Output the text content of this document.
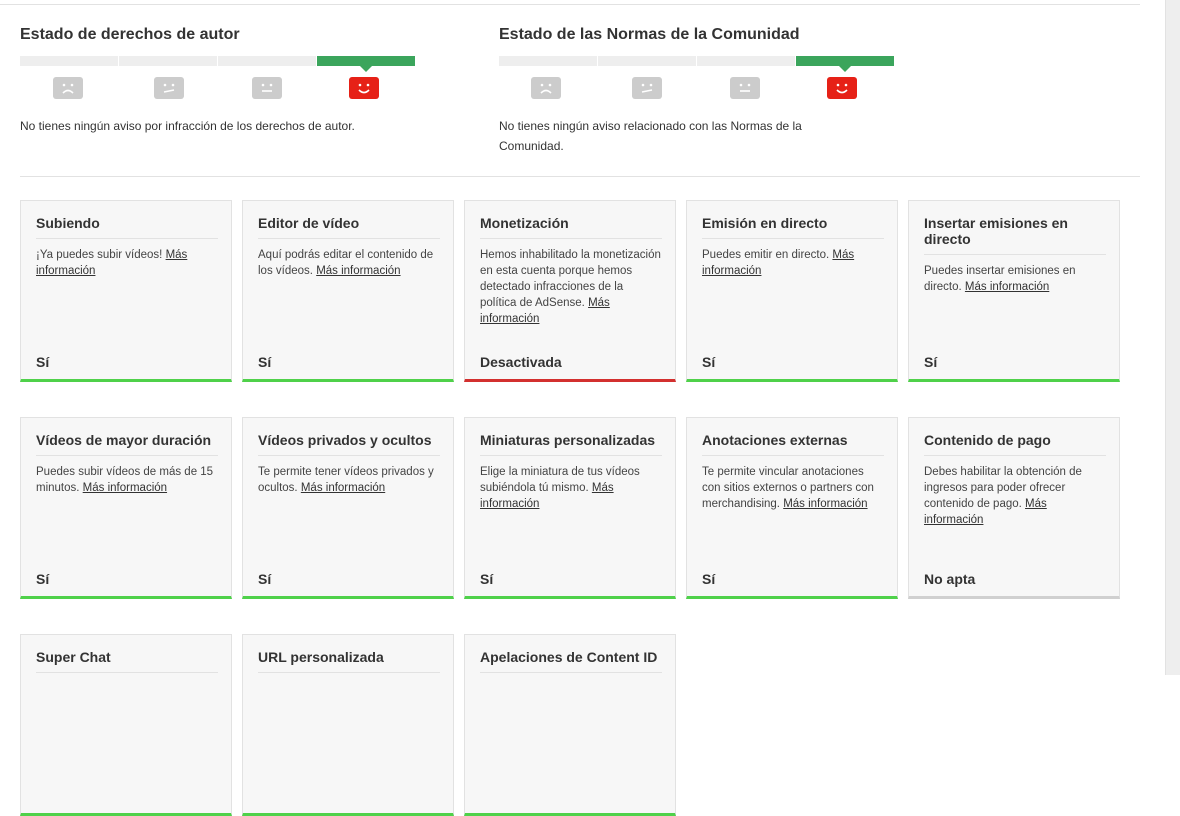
Estado de derechos de autor
No tienes ningún aviso por infracción de los derechos de autor.
Estado de las Normas de la Comunidad
No tienes ningún aviso relacionado con las Normas de la Comunidad.
Subiendo
¡Ya puedes subir vídeos! Más información
Sí
Editor de vídeo
Aquí podrás editar el contenido de los vídeos. Más información
Sí
Monetización
Hemos inhabilitado la monetización en esta cuenta porque hemos detectado infracciones de la política de AdSense. Más información
Desactivada
Emisión en directo
Puedes emitir en directo. Más información
Sí
Insertar emisiones en directo
Puedes insertar emisiones en directo. Más información
Sí
Vídeos de mayor duración
Puedes subir vídeos de más de 15 minutos. Más información
Sí
Vídeos privados y ocultos
Te permite tener vídeos privados y ocultos. Más información
Sí
Miniaturas personalizadas
Elige la miniatura de tus vídeos subiéndola tú mismo. Más información
Sí
Anotaciones externas
Te permite vincular anotaciones con sitios externos o partners con merchandising. Más información
Sí
Contenido de pago
Debes habilitar la obtención de ingresos para poder ofrecer contenido de pago. Más información
No apta
Super Chat	URL personalizada	Apelaciones de Content ID
